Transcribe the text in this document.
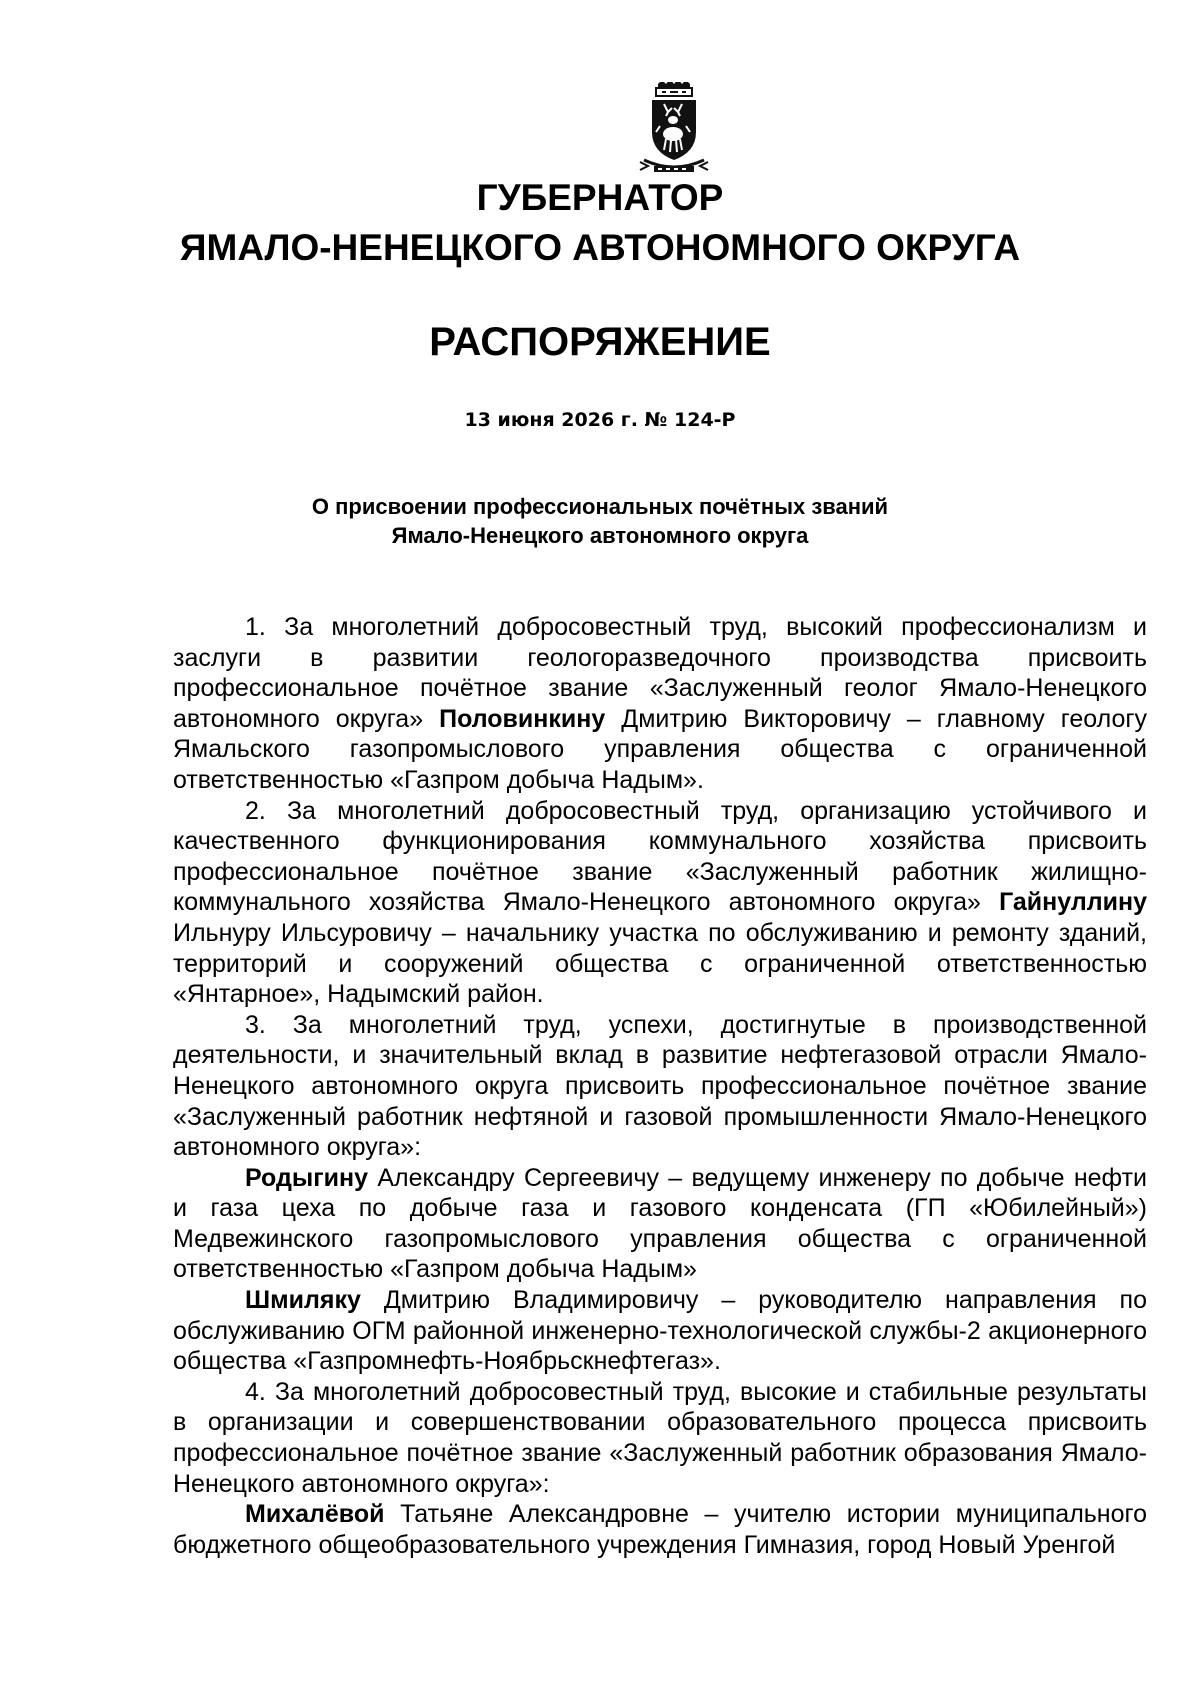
ГУБЕРНАТОР
ЯМАЛО-НЕНЕЦКОГО АВТОНОМНОГО ОКРУГА
РАСПОРЯЖЕНИЕ
13 июня 2026 г. № 124-Р
О присвоении профессиональных почётных званий
Ямало-Ненецкого автономного округа

1. За многолетний добросовестный труд, высокий профессионализм и заслуги в развитии геологоразведочного производства присвоить профессиональное почётное звание «Заслуженный геолог Ямало-Ненецкого автономного округа» Половинкину Дмитрию Викторовичу – главному геологу Ямальского газопромыслового управления общества с ограниченной ответственностью «Газпром добыча Надым».

2. За многолетний добросовестный труд, организацию устойчивого и качественного функционирования коммунального хозяйства присвоить профессиональное почётное звание «Заслуженный работник жилищно-коммунального хозяйства Ямало-Ненецкого автономного округа» Гайнуллину Ильнуру Ильсуровичу – начальнику участка по обслуживанию и ремонту зданий, территорий и сооружений общества с ограниченной ответственностью «Янтарное», Надымский район.

3. За многолетний труд, успехи, достигнутые в производственной деятельности, и значительный вклад в развитие нефтегазовой отрасли Ямало-Ненецкого автономного округа присвоить профессиональное почётное звание «Заслуженный работник нефтяной и газовой промышленности Ямало-Ненецкого автономного округа»:

Родыгину Александру Сергеевичу – ведущему инженеру по добыче нефти и газа цеха по добыче газа и газового конденсата (ГП «Юбилейный») Медвежинского газопромыслового управления общества с ограниченной ответственностью «Газпром добыча Надым»

Шмиляку Дмитрию Владимировичу – руководителю направления по обслуживанию ОГМ районной инженерно-технологической службы-2 акционерного общества «Газпромнефть-Ноябрьскнефтегаз».

4. За многолетний добросовестный труд, высокие и стабильные результаты в организации и совершенствовании образовательного процесса присвоить профессиональное почётное звание «Заслуженный работник образования Ямало-Ненецкого автономного округа»:

Михалёвой Татьяне Александровне – учителю истории муниципального бюджетного общеобразовательного учреждения Гимназия, город Новый Уренгой
